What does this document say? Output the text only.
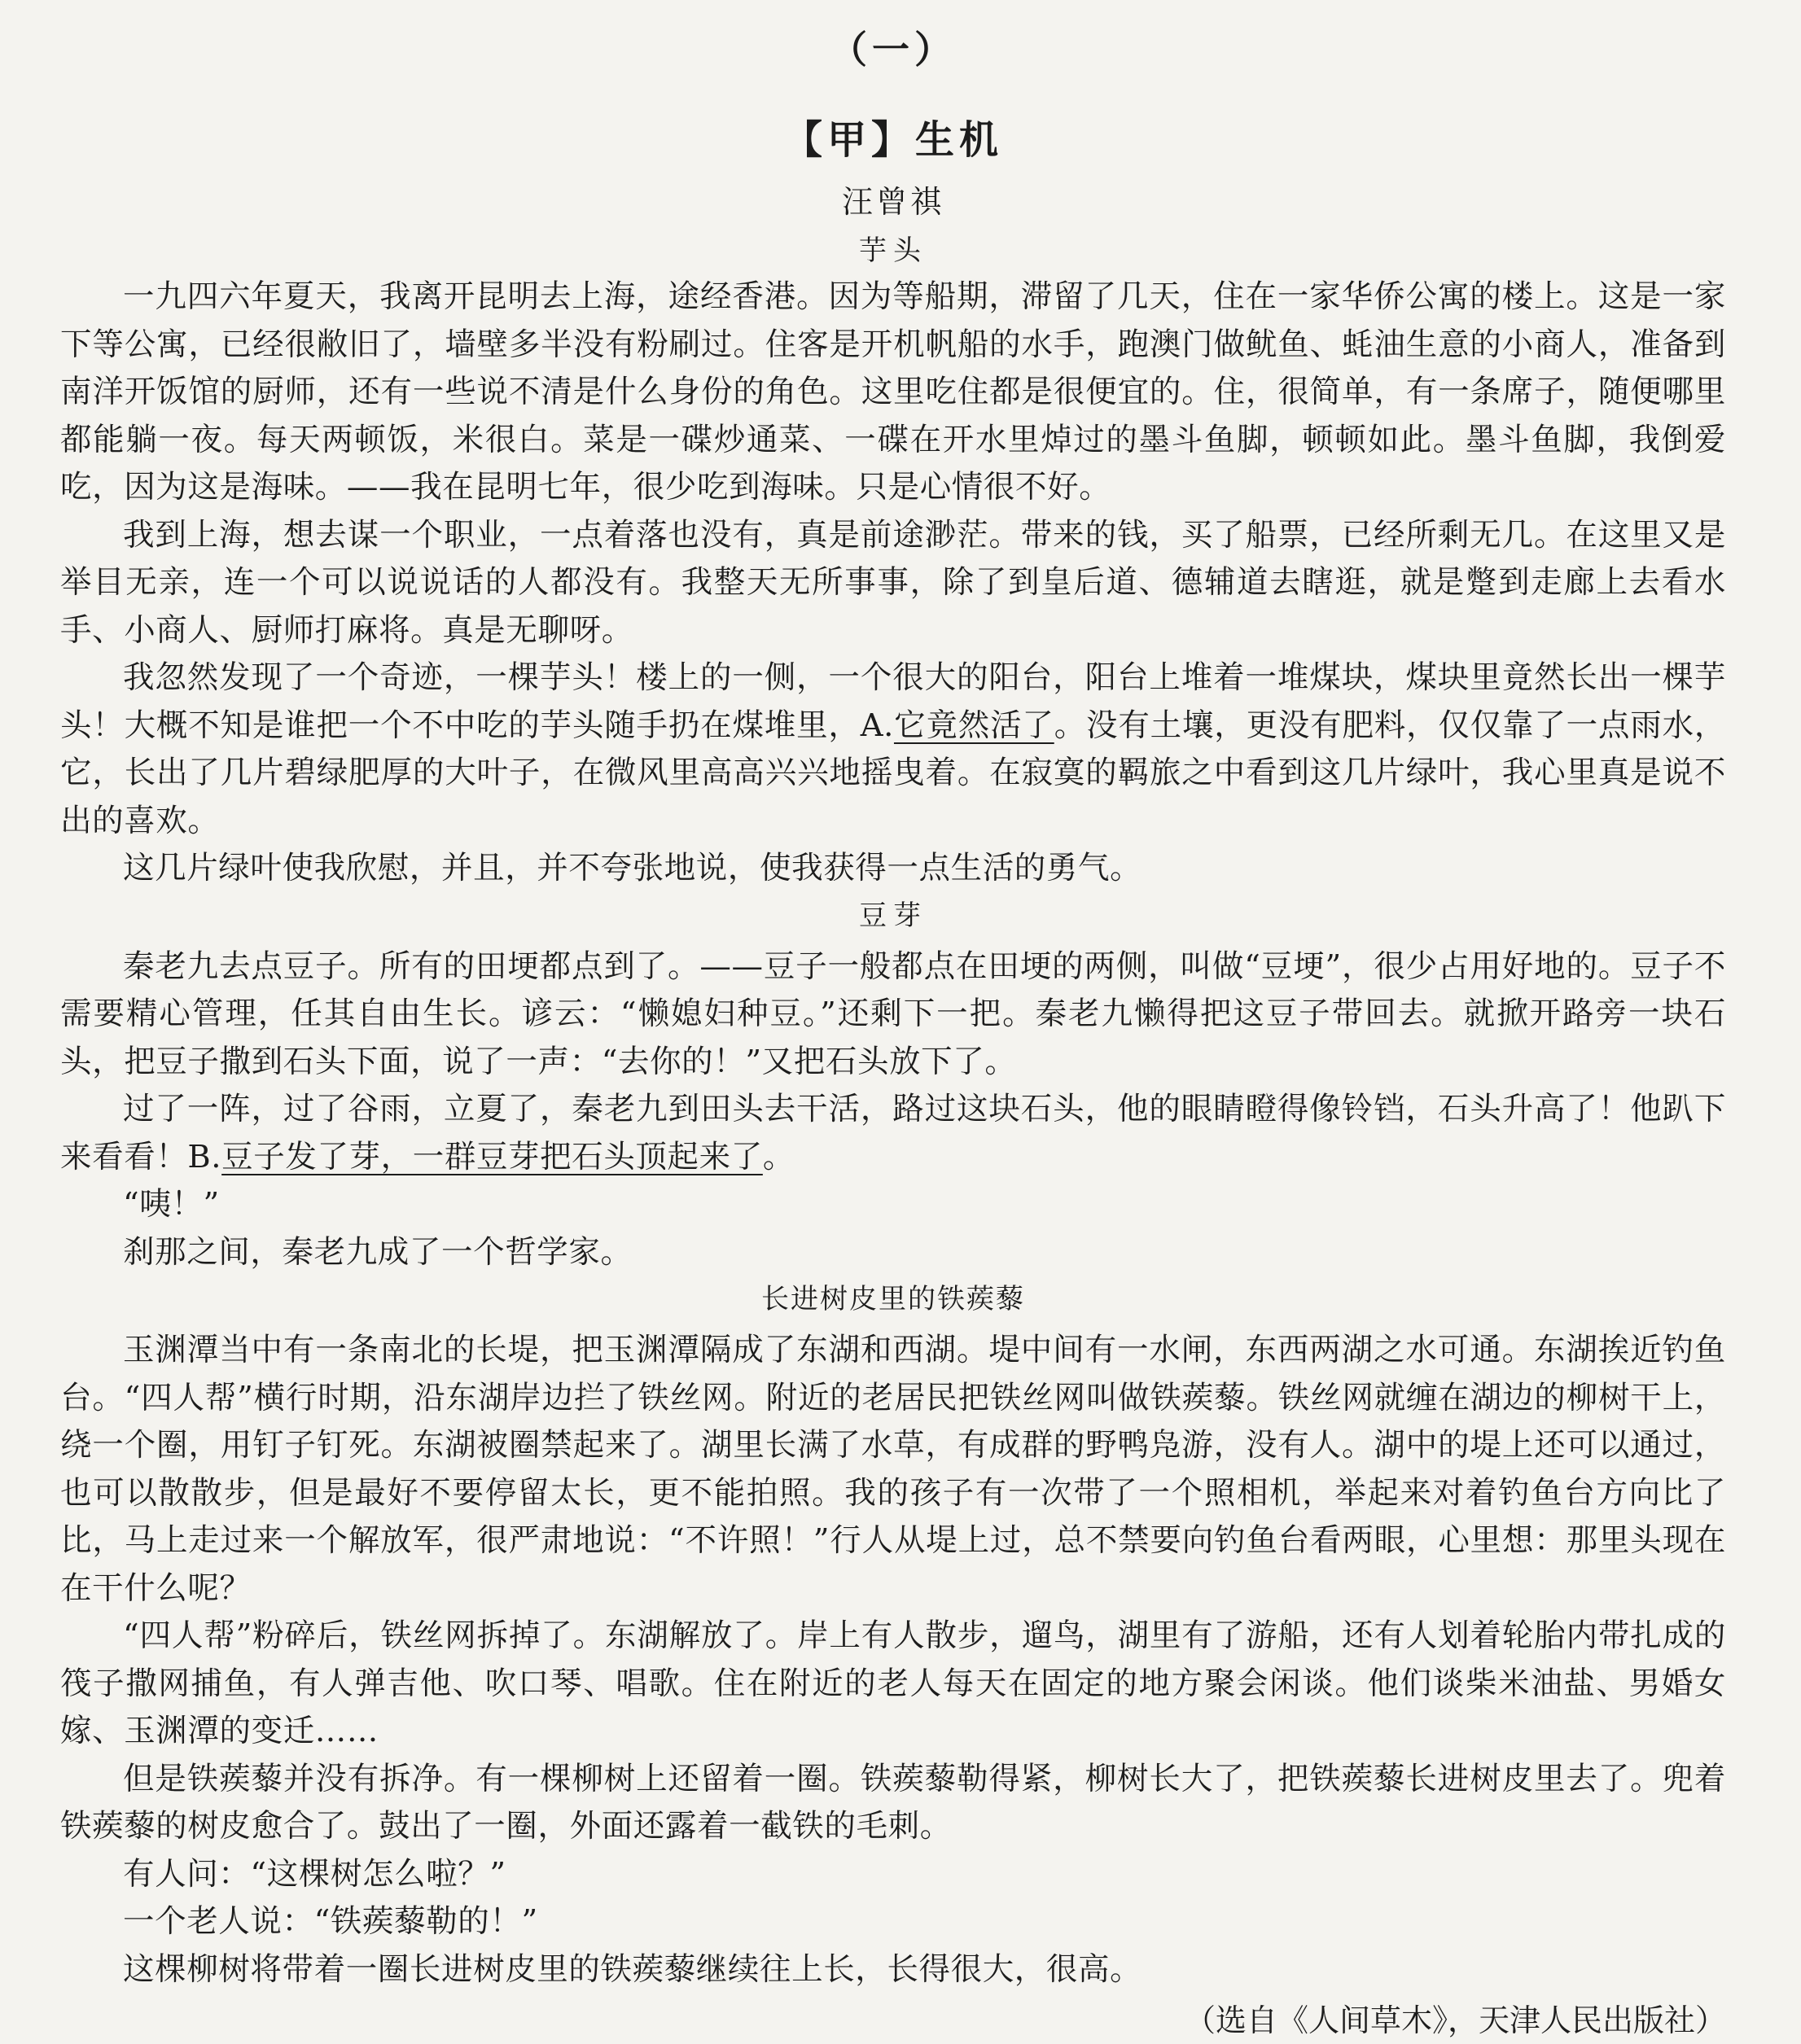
（一）
【甲】生机
汪曾祺
芋头

一九四六年夏天，我离开昆明去上海，途经香港。因为等船期，滞留了几天，住在一家华侨公寓的楼上。这是一家下等公寓，已经很敝旧了，墙壁多半没有粉刷过。住客是开机帆船的水手，跑澳门做鱿鱼、蚝油生意的小商人，准备到南洋开饭馆的厨师，还有一些说不清是什么身份的角色。这里吃住都是很便宜的。住，很简单，有一条席子，随便哪里都能躺一夜。每天两顿饭，米很白。菜是一碟炒通菜、一碟在开水里焯过的墨斗鱼脚，顿顿如此。墨斗鱼脚，我倒爱吃，因为这是海味。——我在昆明七年，很少吃到海味。只是心情很不好。

我到上海，想去谋一个职业，一点着落也没有，真是前途渺茫。带来的钱，买了船票，已经所剩无几。在这里又是举目无亲，连一个可以说说话的人都没有。我整天无所事事，除了到皇后道、德辅道去瞎逛，就是蹩到走廊上去看水手、小商人、厨师打麻将。真是无聊呀。

我忽然发现了一个奇迹，一棵芋头！楼上的一侧，一个很大的阳台，阳台上堆着一堆煤块，煤块里竟然长出一棵芋头！大概不知是谁把一个不中吃的芋头随手扔在煤堆里，A.它竟然活了。没有土壤，更没有肥料，仅仅靠了一点雨水，它，长出了几片碧绿肥厚的大叶子，在微风里高高兴兴地摇曳着。在寂寞的羁旅之中看到这几片绿叶，我心里真是说不出的喜欢。

这几片绿叶使我欣慰，并且，并不夸张地说，使我获得一点生活的勇气。

豆芽

秦老九去点豆子。所有的田埂都点到了。——豆子一般都点在田埂的两侧，叫做“豆埂”，很少占用好地的。豆子不需要精心管理，任其自由生长。谚云：“懒媳妇种豆。”还剩下一把。秦老九懒得把这豆子带回去。就掀开路旁一块石头，把豆子撒到石头下面，说了一声：“去你的！”又把石头放下了。

过了一阵，过了谷雨，立夏了，秦老九到田头去干活，路过这块石头，他的眼睛瞪得像铃铛，石头升高了！他趴下来看看！B.豆子发了芽，一群豆芽把石头顶起来了。

“咦！”

刹那之间，秦老九成了一个哲学家。

长进树皮里的铁蒺藜

玉渊潭当中有一条南北的长堤，把玉渊潭隔成了东湖和西湖。堤中间有一水闸，东西两湖之水可通。东湖挨近钓鱼台。“四人帮”横行时期，沿东湖岸边拦了铁丝网。附近的老居民把铁丝网叫做铁蒺藜。铁丝网就缠在湖边的柳树干上，绕一个圈，用钉子钉死。东湖被圈禁起来了。湖里长满了水草，有成群的野鸭凫游，没有人。湖中的堤上还可以通过，也可以散散步，但是最好不要停留太长，更不能拍照。我的孩子有一次带了一个照相机，举起来对着钓鱼台方向比了比，马上走过来一个解放军，很严肃地说：“不许照！”行人从堤上过，总不禁要向钓鱼台看两眼，心里想：那里头现在在干什么呢？

“四人帮”粉碎后，铁丝网拆掉了。东湖解放了。岸上有人散步，遛鸟，湖里有了游船，还有人划着轮胎内带扎成的筏子撒网捕鱼，有人弹吉他、吹口琴、唱歌。住在附近的老人每天在固定的地方聚会闲谈。他们谈柴米油盐、男婚女嫁、玉渊潭的变迁……

但是铁蒺藜并没有拆净。有一棵柳树上还留着一圈。铁蒺藜勒得紧，柳树长大了，把铁蒺藜长进树皮里去了。兜着铁蒺藜的树皮愈合了。鼓出了一圈，外面还露着一截铁的毛刺。

有人问：“这棵树怎么啦？”

一个老人说：“铁蒺藜勒的！”

这棵柳树将带着一圈长进树皮里的铁蒺藜继续往上长，长得很大，很高。

（选自《人间草木》，天津人民出版社）
